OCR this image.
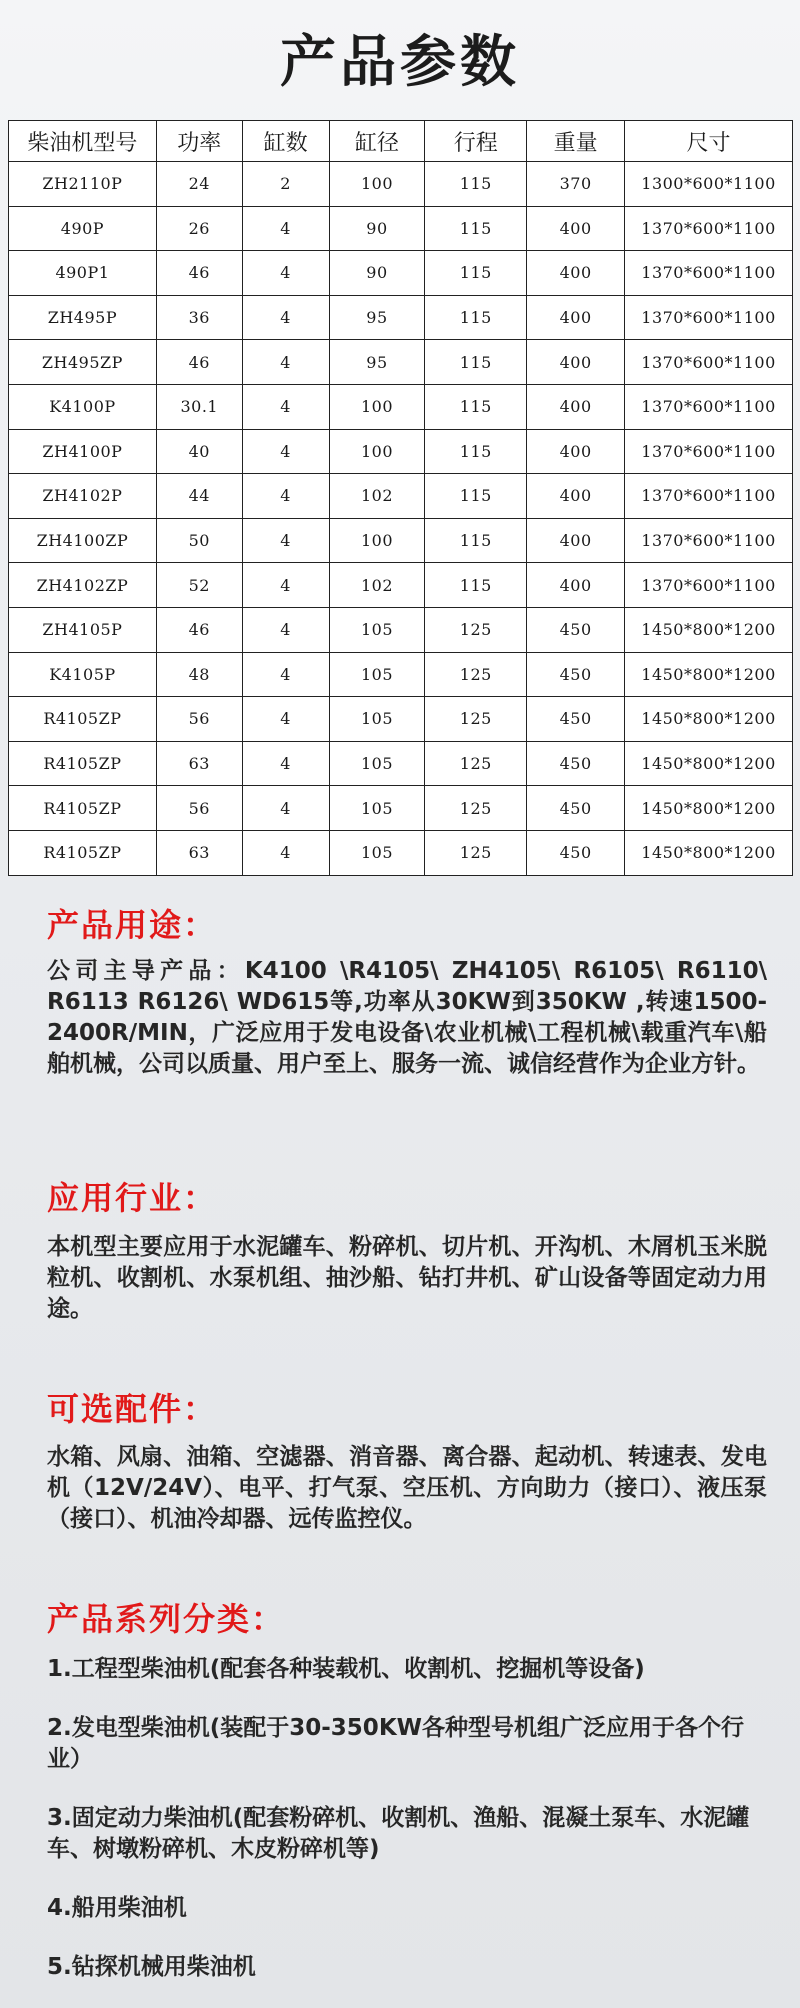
产品参数
柴油机型号	功率	缸数	缸径	行程	重量	尺寸
ZH2110P	24	2	100	115	370	1300*600*1100
490P	26	4	90	115	400	1370*600*1100
490P1	46	4	90	115	400	1370*600*1100
ZH495P	36	4	95	115	400	1370*600*1100
ZH495ZP	46	4	95	115	400	1370*600*1100
K4100P	30.1	4	100	115	400	1370*600*1100
ZH4100P	40	4	100	115	400	1370*600*1100
ZH4102P	44	4	102	115	400	1370*600*1100
ZH4100ZP	50	4	100	115	400	1370*600*1100
ZH4102ZP	52	4	102	115	400	1370*600*1100
ZH4105P	46	4	105	125	450	1450*800*1200
K4105P	48	4	105	125	450	1450*800*1200
R4105ZP	56	4	105	125	450	1450*800*1200
R4105ZP	63	4	105	125	450	1450*800*1200
R4105ZP	56	4	105	125	450	1450*800*1200
R4105ZP	63	4	105	125	450	1450*800*1200
产品用途：
公司主导产品：K4100 \R4105\ ZH4105\ R6105\ R6110\ R6113 R6126\ WD615等,功率从30KW到350KW ,转速1500-2400R/MIN，广泛应用于发电设备\农业机械\工程机械\载重汽车\船舶机械，公司以质量、用户至上、服务一流、诚信经营作为企业方针。
应用行业：
本机型主要应用于水泥罐车、粉碎机、切片机、开沟机、木屑机玉米脱粒机、收割机、水泵机组、抽沙船、钻打井机、矿山设备等固定动力用途。
可选配件：
水箱、风扇、油箱、空滤器、消音器、离合器、起动机、转速表、发电机（12V/24V）、电平、打气泵、空压机、方向助力（接口）、液压泵（接口）、机油冷却器、远传监控仪。
产品系列分类：
1.工程型柴油机(配套各种装载机、收割机、挖掘机等设备)
2.发电型柴油机(装配于30-350KW各种型号机组广泛应用于各个行业）
3.固定动力柴油机(配套粉碎机、收割机、渔船、混凝土泵车、水泥罐车、树墩粉碎机、木皮粉碎机等)
4.船用柴油机
5.钻探机械用柴油机
